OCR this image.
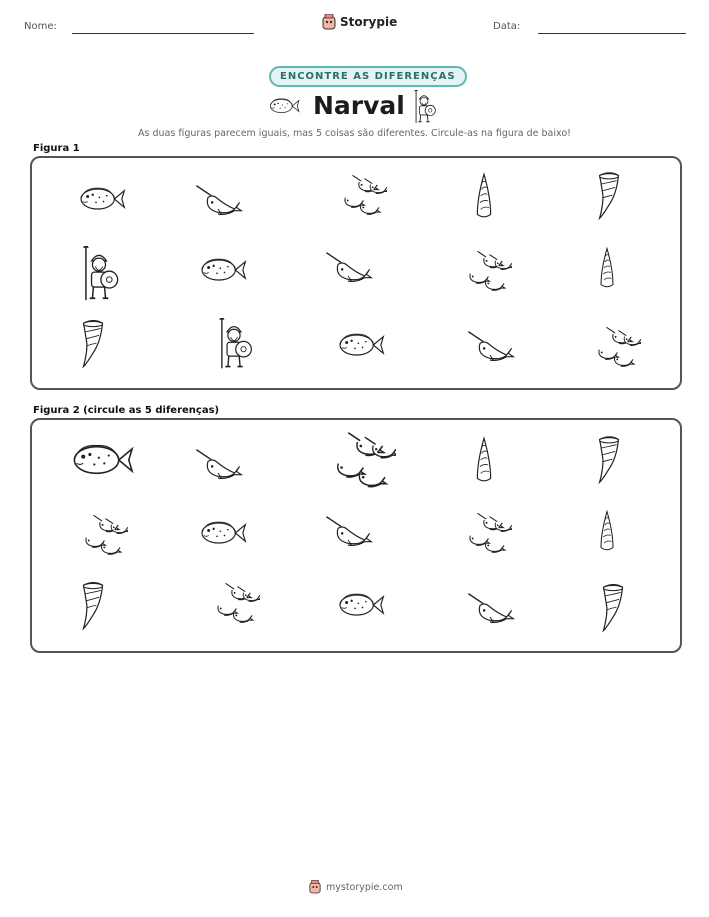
Nome:	Storypie	Data:
ENCONTRE AS DIFERENÇAS
Narval
As duas figuras parecem iguais, mas 5 coisas são diferentes. Circule-as na figura de baixo!
Figura 1
Figura 2 (circule as 5 diferenças)
mystorypie.com
